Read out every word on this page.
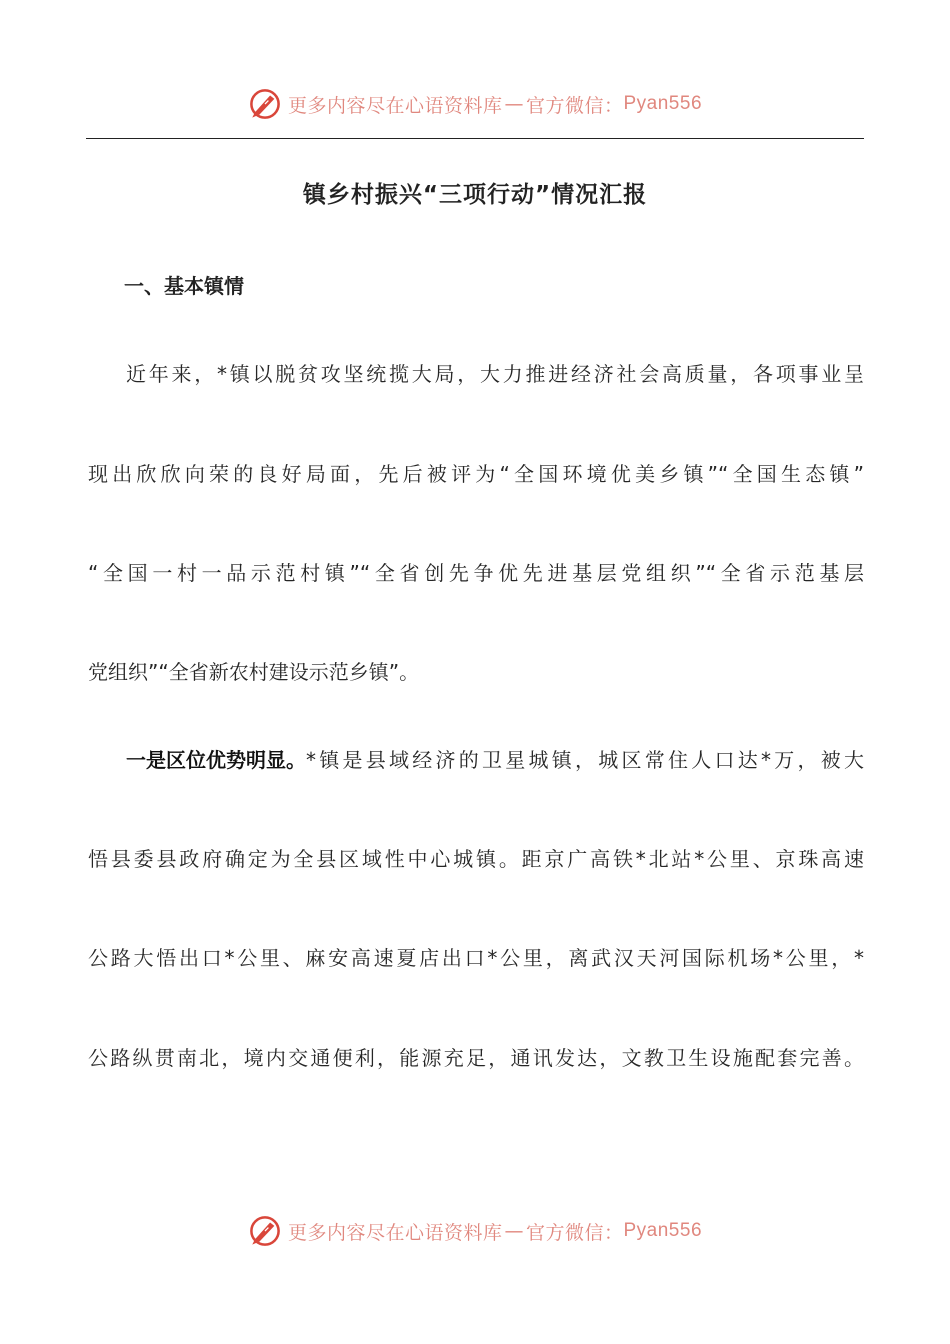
更多内容尽在心语资料库 — 官方微信： Pyan556
镇乡村振兴“三项行动”情况汇报
一、基本镇情
近年来，*镇以脱贫攻坚统揽大局，大力推进经济社会高质量，各项事业呈
现出欣欣向荣的良好局面，先后被评为“全国环境优美乡镇”“全国生态镇”
“全国一村一品示范村镇”“全省创先争优先进基层党组织”“全省示范基层
党组织”“全省新农村建设示范乡镇”。
一是区位优势明显。 *镇是县域经济的卫星城镇，城区常住人口达*万，被大
悟县委县政府确定为全县区域性中心城镇。距京广高铁*北站*公里、京珠高速
公路大悟出口*公里、麻安高速夏店出口*公里，离武汉天河国际机场*公里，*
公路纵贯南北，境内交通便利，能源充足，通讯发达，文教卫生设施配套完善。
更多内容尽在心语资料库 — 官方微信： Pyan556
